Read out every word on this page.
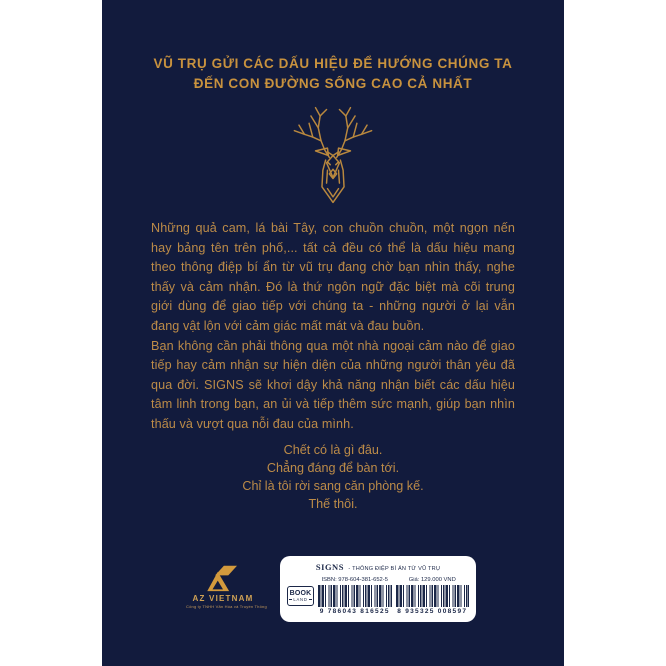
VŨ TRỤ GỬI CÁC DẤU HIỆU ĐỂ HƯỚNG CHÚNG TA
ĐẾN CON ĐƯỜNG SỐNG CAO CẢ NHẤT

Những quả cam, lá bài Tây, con chuồn chuồn, một ngọn nến hay bảng tên trên phố,... tất cả đều có thể là dấu hiệu mang theo thông điệp bí ẩn từ vũ trụ đang chờ bạn nhìn thấy, nghe thấy và cảm nhận. Đó là thứ ngôn ngữ đặc biệt mà cõi trung giới dùng để giao tiếp với chúng ta - những người ở lại vẫn đang vật lộn với cảm giác mất mát và đau buồn.

Bạn không cần phải thông qua một nhà ngoại cảm nào để giao tiếp hay cảm nhận sự hiện diện của những người thân yêu đã qua đời. SIGNS sẽ khơi dậy khả năng nhận biết các dấu hiệu tâm linh trong bạn, an ủi và tiếp thêm sức mạnh, giúp bạn nhìn thấu và vượt qua nỗi đau của mình.

Chết có là gì đâu.
Chẳng đáng để bàn tới.
Chỉ là tôi rời sang căn phòng kế.
Thế thôi.
AZ VIETNAM
Công ty TNHH Văn Hóa và Truyền Thông
SIGNS - THÔNG ĐIỆP BÍ ẨN TỪ VŨ TRỤ
BOOK
LAND
ISBN: 978-604-381-652-5
9 786043 816525
Giá: 129.000 VND
8 935325 008597
